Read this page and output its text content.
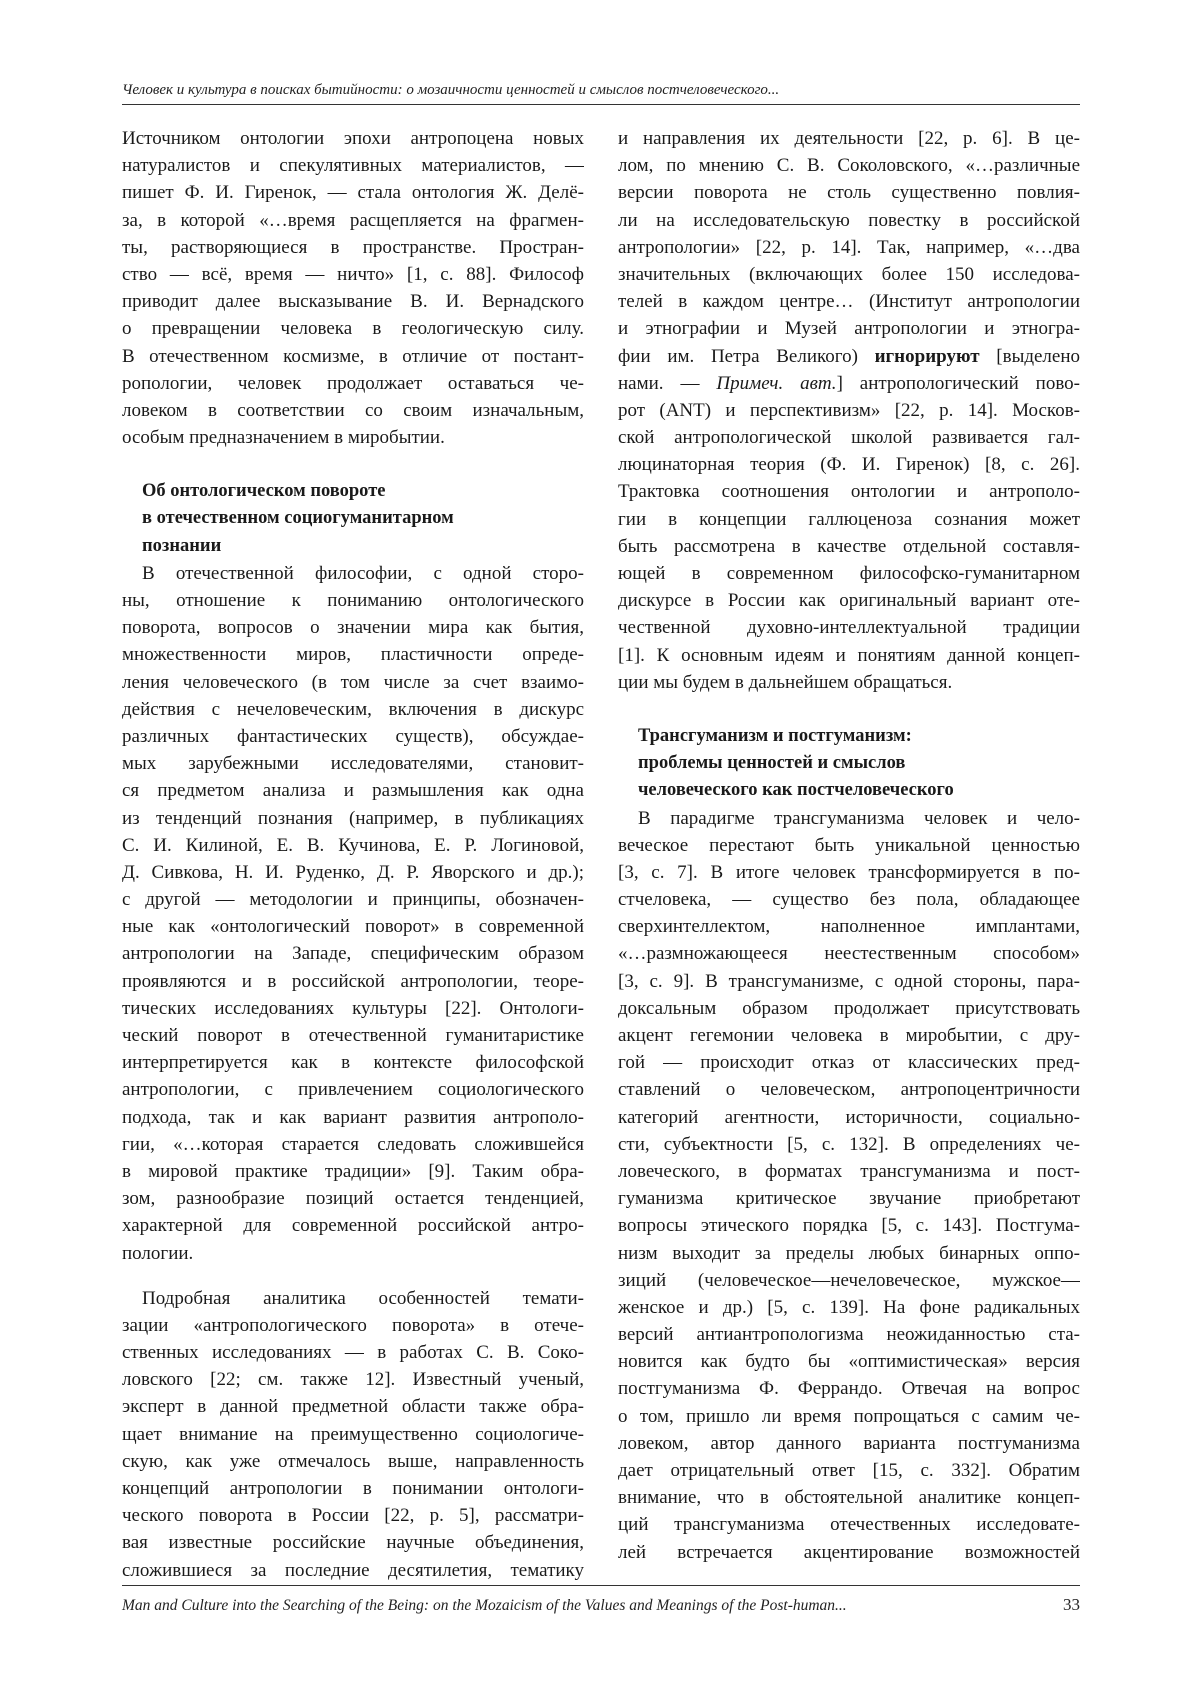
Человек и культура в поисках бытийности: о мозаичности ценностей и смыслов постчеловеческого...
Источником онтологии эпохи антропоцена новых
натуралистов и спекулятивных материалистов, —
пишет Ф. И. Гиренок, — стала онтология Ж. Делё-
за, в которой «…время расщепляется на фрагмен-
ты, растворяющиеся в пространстве. Простран-
ство — всё, время — ничто» [1, с. 88]. Философ
приводит далее высказывание В. И. Вернадского
о превращении человека в геологическую силу.
В отечественном космизме, в отличие от постант-
ропологии, человек продолжает оставаться че-
ловеком в соответствии со своим изначальным,
особым предназначением в миробытии.
Об онтологическом повороте
в отечественном социогуманитарном
познании
В отечественной философии, с одной сторо-
ны, отношение к пониманию онтологического
поворота, вопросов о значении мира как бытия,
множественности миров, пластичности опреде-
ления человеческого (в том числе за счет взаимо-
действия с нечеловеческим, включения в дискурс
различных фантастических существ), обсуждае-
мых зарубежными исследователями, становит-
ся предметом анализа и размышления как одна
из тенденций познания (например, в публикациях
С. И. Килиной, Е. В. Кучинова, Е. Р. Логиновой,
Д. Сивкова, Н. И. Руденко, Д. Р. Яворского и др.);
с другой — методологии и принципы, обозначен-
ные как «онтологический поворот» в современной
антропологии на Западе, специфическим образом
проявляются и в российской антропологии, теоре-
тических исследованиях культуры [22]. Онтологи-
ческий поворот в отечественной гуманитаристике
интерпретируется как в контексте философской
антропологии, с привлечением социологического
подхода, так и как вариант развития антрополо-
гии, «…которая старается следовать сложившейся
в мировой практике традиции» [9]. Таким обра-
зом, разнообразие позиций остается тенденцией,
характерной для современной российской антро-
пологии.
Подробная аналитика особенностей темати-
зации «антропологического поворота» в отече-
ственных исследованиях — в работах С. В. Соко-
ловского [22; см. также 12]. Известный ученый,
эксперт в данной предметной области также обра-
щает внимание на преимущественно социологиче-
скую, как уже отмечалось выше, направленность
концепций антропологии в понимании онтологи-
ческого поворота в России [22, p. 5], рассматри-
вая известные российские научные объединения,
сложившиеся за последние десятилетия, тематику
и направления их деятельности [22, p. 6]. В це-
лом, по мнению С. В. Соколовского, «…различные
версии поворота не столь существенно повлия-
ли на исследовательскую повестку в российской
антропологии» [22, p. 14]. Так, например, «…два
значительных (включающих более 150 исследова-
телей в каждом центре… (Институт антропологии
и этнографии и Музей антропологии и этногра-
фии им. Петра Великого) игнорируют [выделено
нами. — Примеч. авт.] антропологический пово-
рот (ANT) и перспективизм» [22, p. 14]. Москов-
ской антропологической школой развивается гал-
люцинаторная теория (Ф. И. Гиренок) [8, с. 26].
Трактовка соотношения онтологии и антрополо-
гии в концепции галлюценоза сознания может
быть рассмотрена в качестве отдельной составля-
ющей в современном философско-гуманитарном
дискурсе в России как оригинальный вариант оте-
чественной духовно-интеллектуальной традиции
[1]. К основным идеям и понятиям данной концеп-
ции мы будем в дальнейшем обращаться.
Трансгуманизм и постгуманизм:
проблемы ценностей и смыслов
человеческого как постчеловеческого
В парадигме трансгуманизма человек и чело-
веческое перестают быть уникальной ценностью
[3, с. 7]. В итоге человек трансформируется в по-
стчеловека, — существо без пола, обладающее
сверхинтеллектом, наполненное имплантами,
«…размножающееся неестественным способом»
[3, с. 9]. В трансгуманизме, с одной стороны, пара-
доксальным образом продолжает присутствовать
акцент гегемонии человека в миробытии, с дру-
гой — происходит отказ от классических пред-
ставлений о человеческом, антропоцентричности
категорий агентности, историчности, социально-
сти, субъектности [5, с. 132]. В определениях че-
ловеческого, в форматах трансгуманизма и пост-
гуманизма критическое звучание приобретают
вопросы этического порядка [5, с. 143]. Постгума-
низм выходит за пределы любых бинарных оппо-
зиций (человеческое—нечеловеческое, мужское—
женское и др.) [5, с. 139]. На фоне радикальных
версий антиантропологизма неожиданностью ста-
новится как будто бы «оптимистическая» версия
постгуманизма Ф. Феррандо. Отвечая на вопрос
о том, пришло ли время попрощаться с самим че-
ловеком, автор данного варианта постгуманизма
дает отрицательный ответ [15, с. 332]. Обратим
внимание, что в обстоятельной аналитике концеп-
ций трансгуманизма отечественных исследовате-
лей встречается акцентирование возможностей
Man and Culture into the Searching of the Being: on the Mozaicism of the Values and Meanings of the Post-human...	33
